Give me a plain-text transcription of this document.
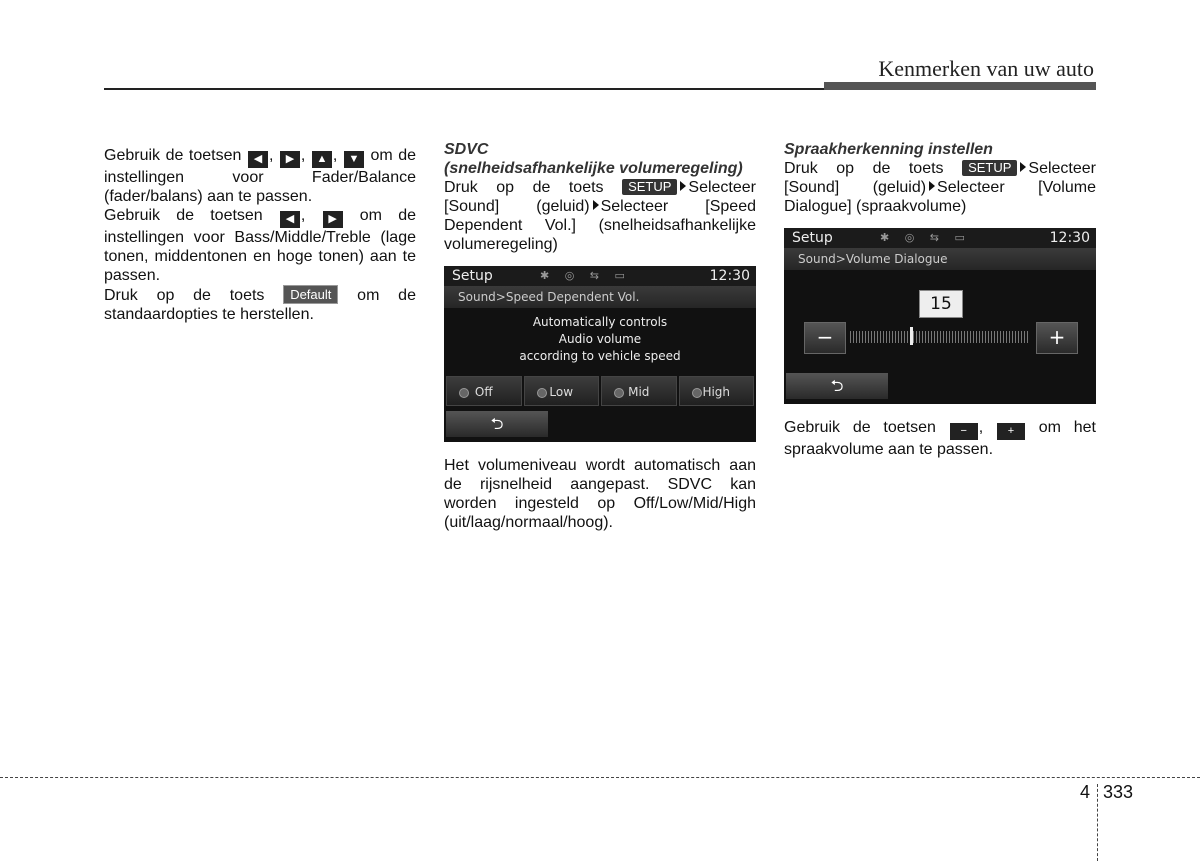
Kenmerken van uw auto

Gebruik de toetsen ◀ , ▶ , ▲ , ▼ om de instellingen voor Fader/Balance (fader/balans) aan te passen.

Gebruik de toetsen ◀ , ▶ om de instellingen voor Bass/Middle/Treble (lage tonen, middentonen en hoge tonen) aan te passen.

Druk op de toets Default om de standaardopties te herstellen.

SDVC

(snelheidsafhankelijke volumeregeling)

Druk op de toets SETUP Selecteer [Sound] (geluid) Selecteer [Speed Dependent Vol.] (snelheidsafhankelijke volumeregeling)

Setup	✱ ◎ ⇆ ▭	12:30
Sound>Speed Dependent Vol.
Automatically controls
Audio volume
according to vehicle speed
Off	Low	Mid	High
⮌

Het volumeniveau wordt automatisch aan de rijsnelheid aangepast. SDVC kan worden ingesteld op Off/Low/Mid/High (uit/laag/normaal/hoog).

Spraakherkenning instellen

Druk op de toets SETUP Selecteer [Sound] (geluid) Selecteer [Volume Dialogue] (spraakvolume)

Setup	✱ ◎ ⇆ ▭	12:30
Sound>Volume Dialogue
15
−	+
⮌

Gebruik de toetsen − , + om het spraakvolume aan te passen.

4 333
